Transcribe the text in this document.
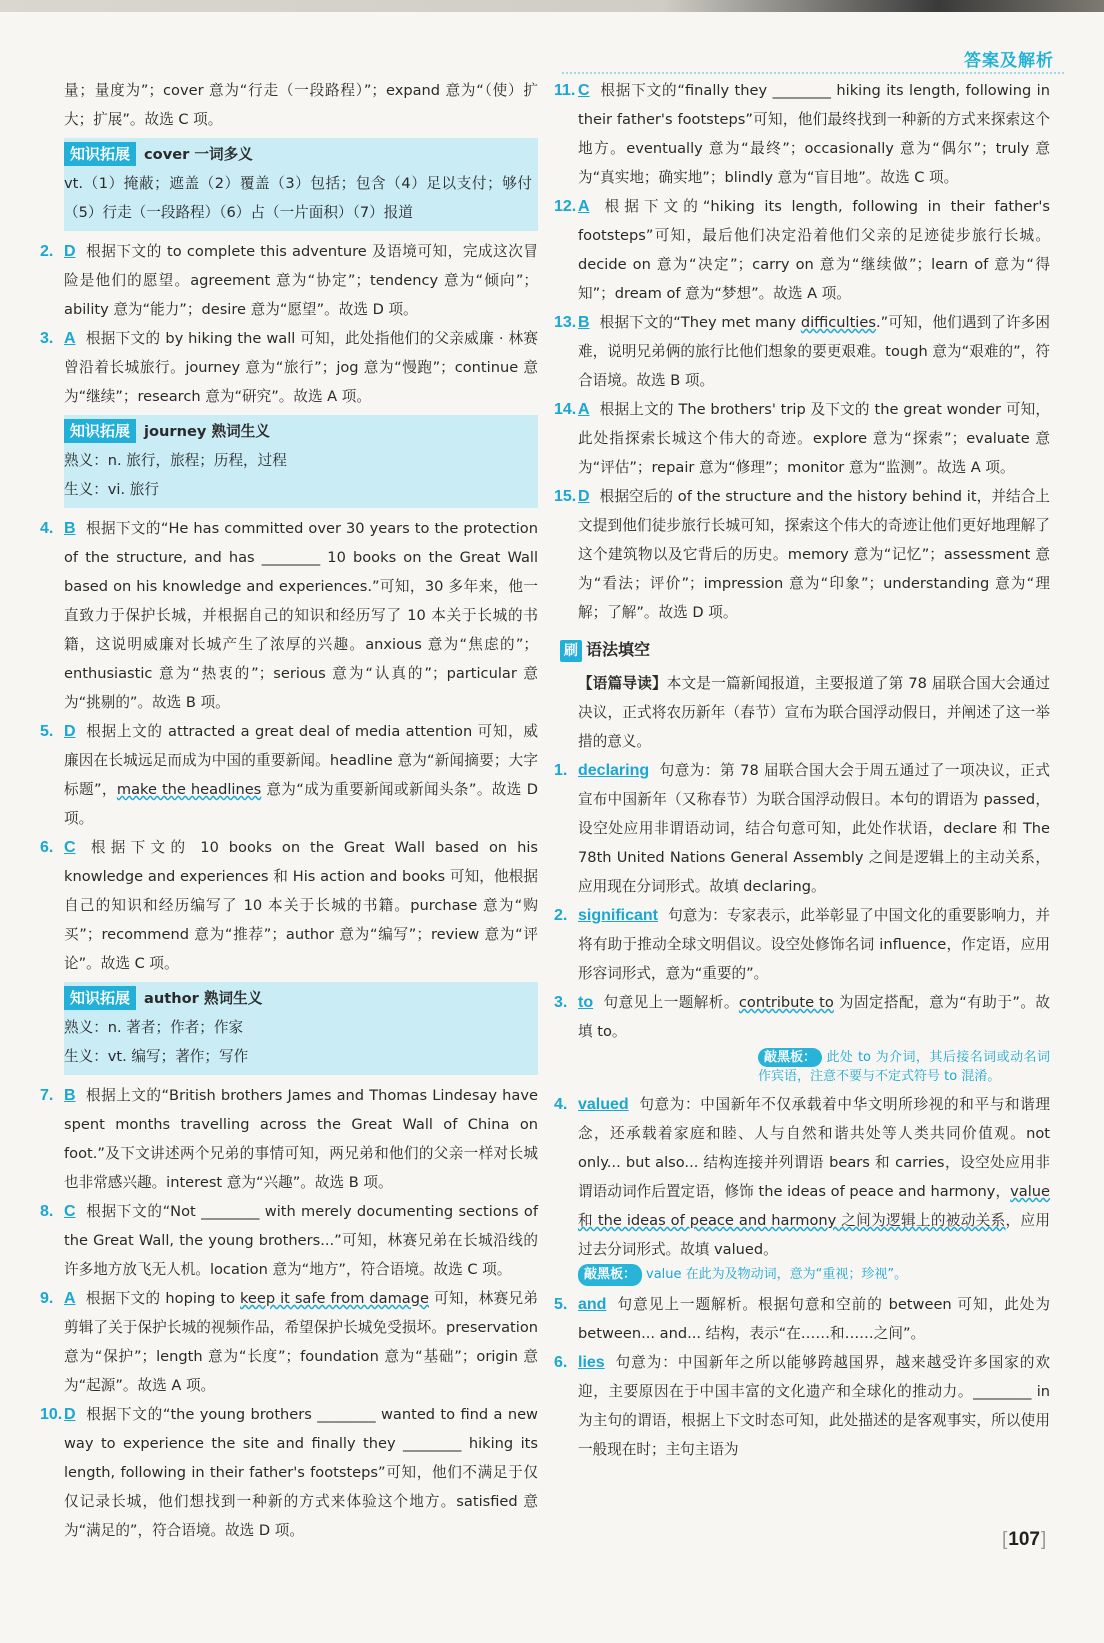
答案及解析

量；量度为”；cover 意为“行走（一段路程）”；expand 意为“（使）扩大；扩展”。故选 C 项。

知识拓展 cover 一词多义

vt.（1）掩蔽；遮盖（2）覆盖（3）包括；包含（4）足以支付；够付（5）行走（一段路程）（6）占（一片面积）（7）报道

2. D 根据下文的 to complete this adventure 及语境可知，完成这次冒险是他们的愿望。agreement 意为“协定”；tendency 意为“倾向”；ability 意为“能力”；desire 意为“愿望”。故选 D 项。

3. A 根据下文的 by hiking the wall 可知，此处指他们的父亲威廉 · 林赛曾沿着长城旅行。journey 意为“旅行”；jog 意为“慢跑”；continue 意为“继续”；research 意为“研究”。故选 A 项。

知识拓展 journey 熟词生义

熟义：n. 旅行，旅程；历程，过程

生义：vi. 旅行

4. B 根据下文的“He has committed over 30 years to the protection of the structure, and has ________ 10 books on the Great Wall based on his knowledge and experiences.”可知，30 多年来，他一直致力于保护长城，并根据自己的知识和经历写了 10 本关于长城的书籍，这说明威廉对长城产生了浓厚的兴趣。anxious 意为“焦虑的”；enthusiastic 意为“热衷的”；serious 意为“认真的”；particular 意为“挑剔的”。故选 B 项。

5. D 根据上文的 attracted a great deal of media attention 可知，威廉因在长城远足而成为中国的重要新闻。headline 意为“新闻摘要；大字标题”，make the headlines 意为“成为重要新闻或新闻头条”。故选 D 项。

6. C 根据下文的 10 books on the Great Wall based on his knowledge and experiences 和 His action and books 可知，他根据自己的知识和经历编写了 10 本关于长城的书籍。purchase 意为“购买”；recommend 意为“推荐”；author 意为“编写”；review 意为“评论”。故选 C 项。

知识拓展 author 熟词生义

熟义：n. 著者；作者；作家

生义：vt. 编写；著作；写作

7. B 根据上文的“British brothers James and Thomas Lindesay have spent months travelling across the Great Wall of China on foot.”及下文讲述两个兄弟的事情可知，两兄弟和他们的父亲一样对长城也非常感兴趣。interest 意为“兴趣”。故选 B 项。

8. C 根据下文的“Not ________ with merely documenting sections of the Great Wall, the young brothers...”可知，林赛兄弟在长城沿线的许多地方放飞无人机。location 意为“地方”，符合语境。故选 C 项。

9. A 根据下文的 hoping to keep it safe from damage 可知，林赛兄弟剪辑了关于保护长城的视频作品，希望保护长城免受损坏。preservation 意为“保护”；length 意为“长度”；foundation 意为“基础”；origin 意为“起源”。故选 A 项。

10. D 根据下文的“the young brothers ________ wanted to find a new way to experience the site and finally they ________ hiking its length, following in their father's footsteps”可知，他们不满足于仅仅记录长城，他们想找到一种新的方式来体验这个地方。satisfied 意为“满足的”，符合语境。故选 D 项。

11. C 根据下文的“finally they ________ hiking its length, following in their father's footsteps”可知，他们最终找到一种新的方式来探索这个地方。eventually 意为“最终”；occasionally 意为“偶尔”；truly 意为“真实地；确实地”；blindly 意为“盲目地”。故选 C 项。

12. A 根据下文的“hiking its length, following in their father's footsteps”可知，最后他们决定沿着他们父亲的足迹徒步旅行长城。decide on 意为“决定”；carry on 意为“继续做”；learn of 意为“得知”；dream of 意为“梦想”。故选 A 项。

13. B 根据下文的“They met many difficulties.”可知，他们遇到了许多困难，说明兄弟俩的旅行比他们想象的要更艰难。tough 意为“艰难的”，符合语境。故选 B 项。

14. A 根据上文的 The brothers' trip 及下文的 the great wonder 可知，此处指探索长城这个伟大的奇迹。explore 意为“探索”；evaluate 意为“评估”；repair 意为“修理”；monitor 意为“监测”。故选 A 项。

15. D 根据空后的 of the structure and the history behind it，并结合上文提到他们徒步旅行长城可知，探索这个伟大的奇迹让他们更好地理解了这个建筑物以及它背后的历史。memory 意为“记忆”；assessment 意为“看法；评价”；impression 意为“印象”；understanding 意为“理解；了解”。故选 D 项。

刷 语法填空

【语篇导读】本文是一篇新闻报道，主要报道了第 78 届联合国大会通过决议，正式将农历新年（春节）宣布为联合国浮动假日，并阐述了这一举措的意义。

1. declaring 句意为：第 78 届联合国大会于周五通过了一项决议，正式宣布中国新年（又称春节）为联合国浮动假日。本句的谓语为 passed，设空处应用非谓语动词，结合句意可知，此处作状语，declare 和 The 78th United Nations General Assembly 之间是逻辑上的主动关系，应用现在分词形式。故填 declaring。

2. significant 句意为：专家表示，此举彰显了中国文化的重要影响力，并将有助于推动全球文明倡议。设空处修饰名词 influence，作定语，应用形容词形式，意为“重要的”。

3. to 句意见上一题解析。contribute to 为固定搭配，意为“有助于”。故填 to。

敲黑板： 此处 to 为介词，其后接名词或动名词作宾语，注意不要与不定式符号 to 混淆。

4. valued 句意为：中国新年不仅承载着中华文明所珍视的和平与和谐理念，还承载着家庭和睦、人与自然和谐共处等人类共同价值观。not only... but also... 结构连接并列谓语 bears 和 carries，设空处应用非谓语动词作后置定语，修饰 the ideas of peace and harmony，value 和 the ideas of peace and harmony 之间为逻辑上的被动关系，应用过去分词形式。故填 valued。

敲黑板： value 在此为及物动词，意为“重视；珍视”。

5. and 句意见上一题解析。根据句意和空前的 between 可知，此处为 between... and... 结构，表示“在……和……之间”。

6. lies 句意为：中国新年之所以能够跨越国界，越来越受许多国家的欢迎，主要原因在于中国丰富的文化遗产和全球化的推动力。________ in 为主句的谓语，根据上下文时态可知，此处描述的是客观事实，所以使用一般现在时；主句主语为

[ 107 ]
